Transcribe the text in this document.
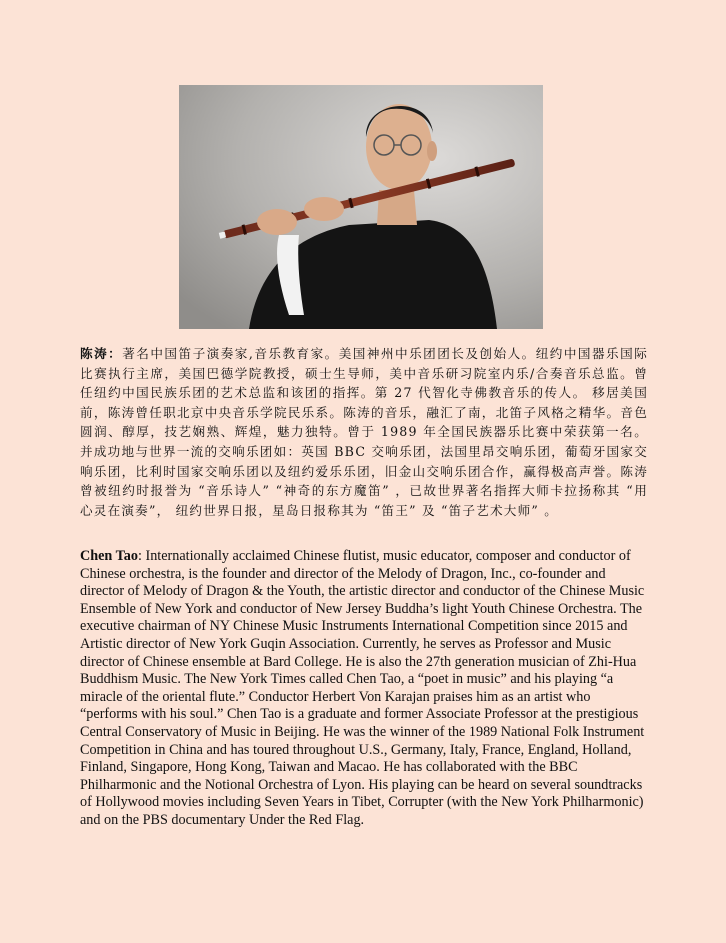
陈涛：著名中国笛子演奏家,音乐教育家。美国神州中乐团团长及创始人。纽约中国器乐国际比赛执行主席，美国巴德学院教授，硕士生导师，美中音乐研习院室内乐/合奏音乐总监。曾任纽约中国民族乐团的艺术总监和该团的指挥。第 27 代智化寺佛教音乐的传人。 移居美国前，陈涛曾任职北京中央音乐学院民乐系。陈涛的音乐，融汇了南，北笛子风格之精华。音色圆润、醇厚，技艺娴熟、辉煌，魅力独特。曾于 1989 年全国民族器乐比赛中荣获第一名。并成功地与世界一流的交响乐团如：英国 BBC 交响乐团，法国里昂交响乐团，葡萄牙国家交响乐团，比利时国家交响乐团以及纽约爱乐乐团，旧金山交响乐团合作，赢得极高声誉。陈涛曾被纽约时报誉为 “音乐诗人” “神奇的东方魔笛” ，已故世界著名指挥大师卡拉扬称其 “用心灵在演奏”， 纽约世界日报，星岛日报称其为 “笛王” 及 “笛子艺术大师” 。
Chen Tao: Internationally acclaimed Chinese flutist, music educator, composer and conductor of Chinese orchestra, is the founder and director of the Melody of Dragon, Inc., co-founder and director of Melody of Dragon & the Youth, the artistic director and conductor of the Chinese Music Ensemble of New York and conductor of New Jersey Buddha’s light Youth Chinese Orchestra. The executive chairman of NY Chinese Music Instruments International Competition since 2015 and Artistic director of New York Guqin Association. Currently, he serves as Professor and Music director of Chinese ensemble at Bard College. He is also the 27th generation musician of Zhi-Hua Buddhism Music. The New York Times called Chen Tao, a “poet in music” and his playing “a miracle of the oriental flute.” Conductor Herbert Von Karajan praises him as an artist who “performs with his soul.” Chen Tao is a graduate and former Associate Professor at the prestigious Central Conservatory of Music in Beijing. He was the winner of the 1989 National Folk Instrument Competition in China and has toured throughout U.S., Germany, Italy, France, England, Holland, Finland, Singapore, Hong Kong, Taiwan and Macao. He has collaborated with the BBC Philharmonic and the Notional Orchestra of Lyon. His playing can be heard on several soundtracks of Hollywood movies including Seven Years in Tibet, Corrupter (with the New York Philharmonic) and on the PBS documentary Under the Red Flag.
